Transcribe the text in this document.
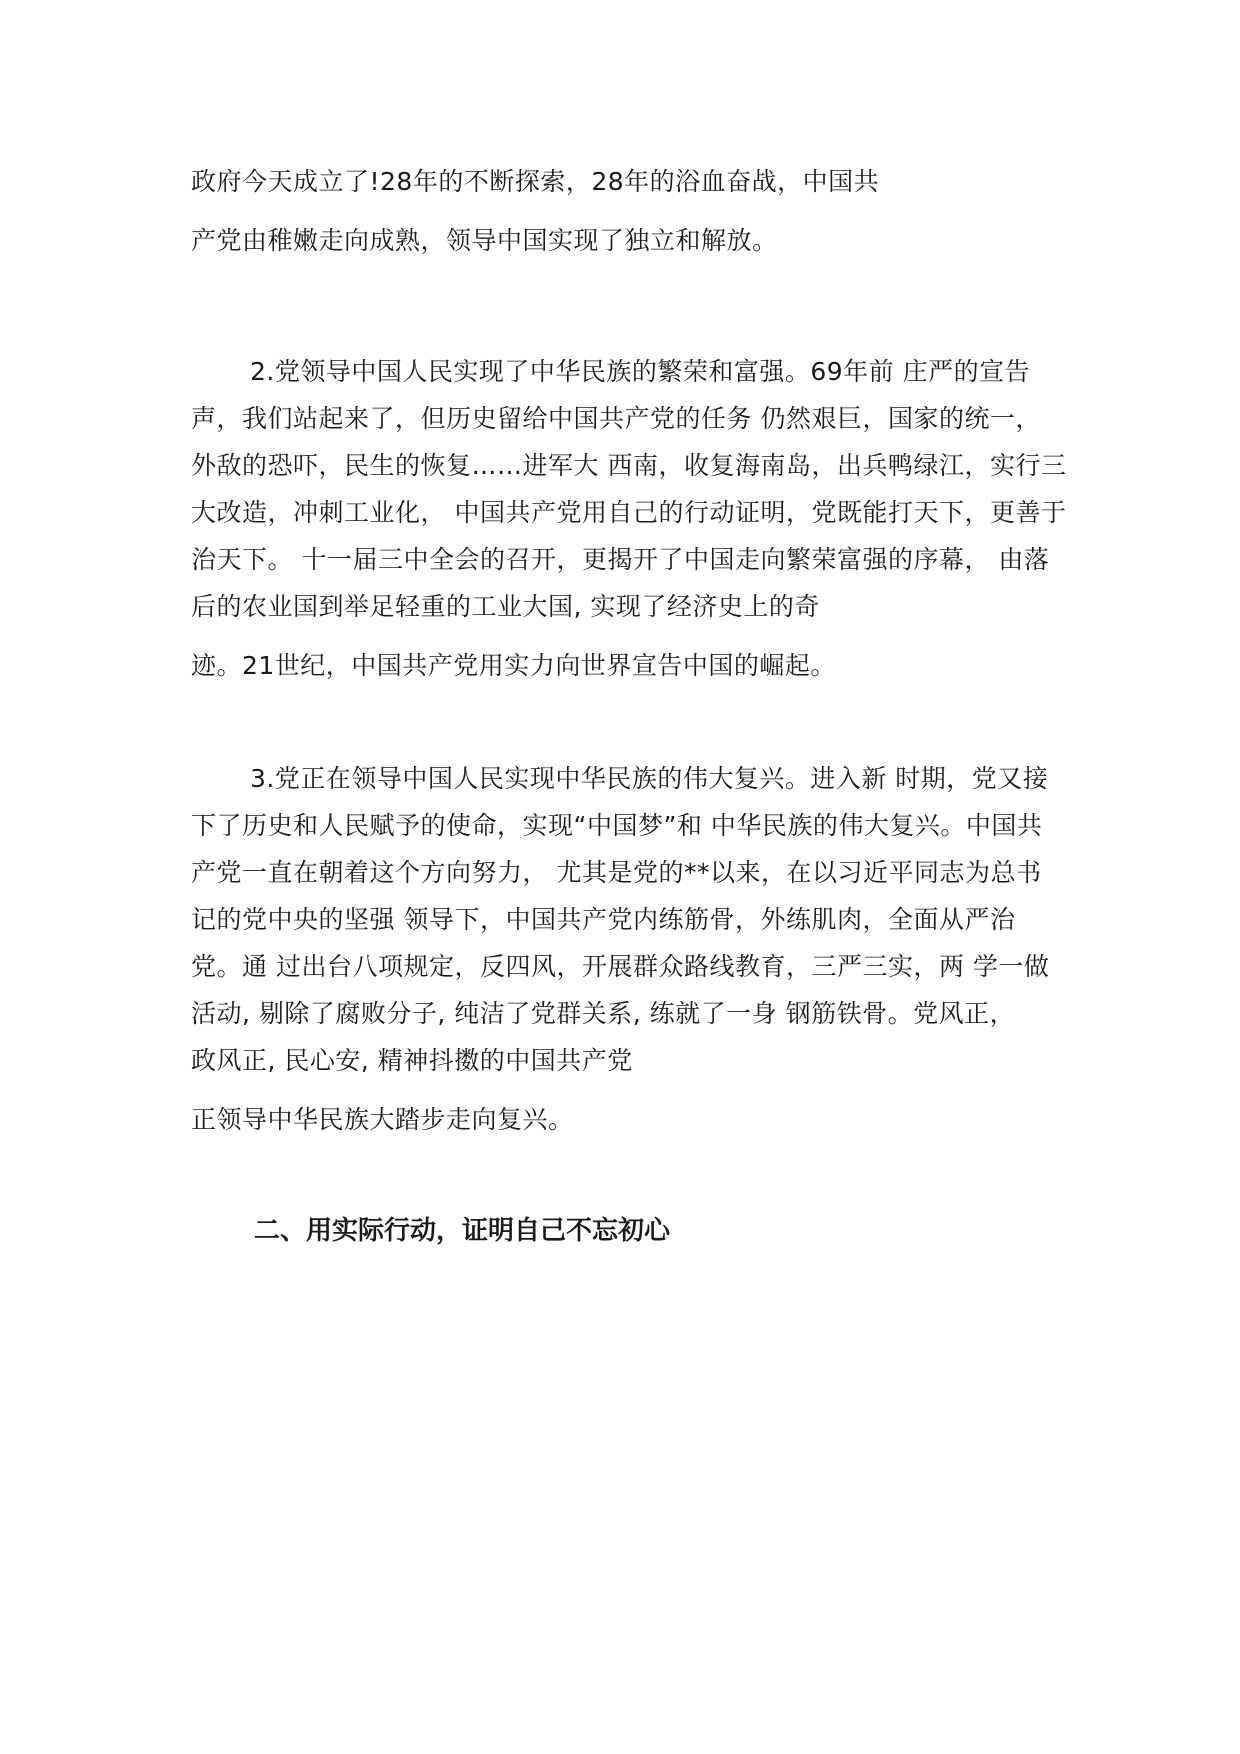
政府今天成立了!28年的不断探索，28年的浴血奋战，中国共
产党由稚嫩走向成熟，领导中国实现了独立和解放。
2.党领导中国人民实现了中华民族的繁荣和富强。69年前 庄严的宣告
声，我们站起来了，但历史留给中国共产党的任务 仍然艰巨，国家的统一，
外敌的恐吓，民生的恢复……进军大 西南，收复海南岛，出兵鸭绿江，实行三
大改造，冲刺工业化， 中国共产党用自己的行动证明，党既能打天下，更善于
治天下。 十一届三中全会的召开，更揭开了中国走向繁荣富强的序幕， 由落
后的农业国到举足轻重的工业大国, 实现了经济史上的奇
迹。21世纪，中国共产党用实力向世界宣告中国的崛起。
3.党正在领导中国人民实现中华民族的伟大复兴。进入新 时期，党又接
下了历史和人民赋予的使命，实现“中国梦”和 中华民族的伟大复兴。中国共
产党一直在朝着这个方向努力， 尤其是党的**以来，在以习近平同志为总书
记的党中央的坚强 领导下，中国共产党内练筋骨，外练肌肉，全面从严治
党。通 过出台八项规定，反四风，开展群众路线教育，三严三实，两 学一做
活动, 剔除了腐败分子, 纯洁了党群关系, 练就了一身 钢筋铁骨。党风正，
政风正, 民心安, 精神抖擞的中国共产党
正领导中华民族大踏步走向复兴。
二、用实际行动，证明自己不忘初心
